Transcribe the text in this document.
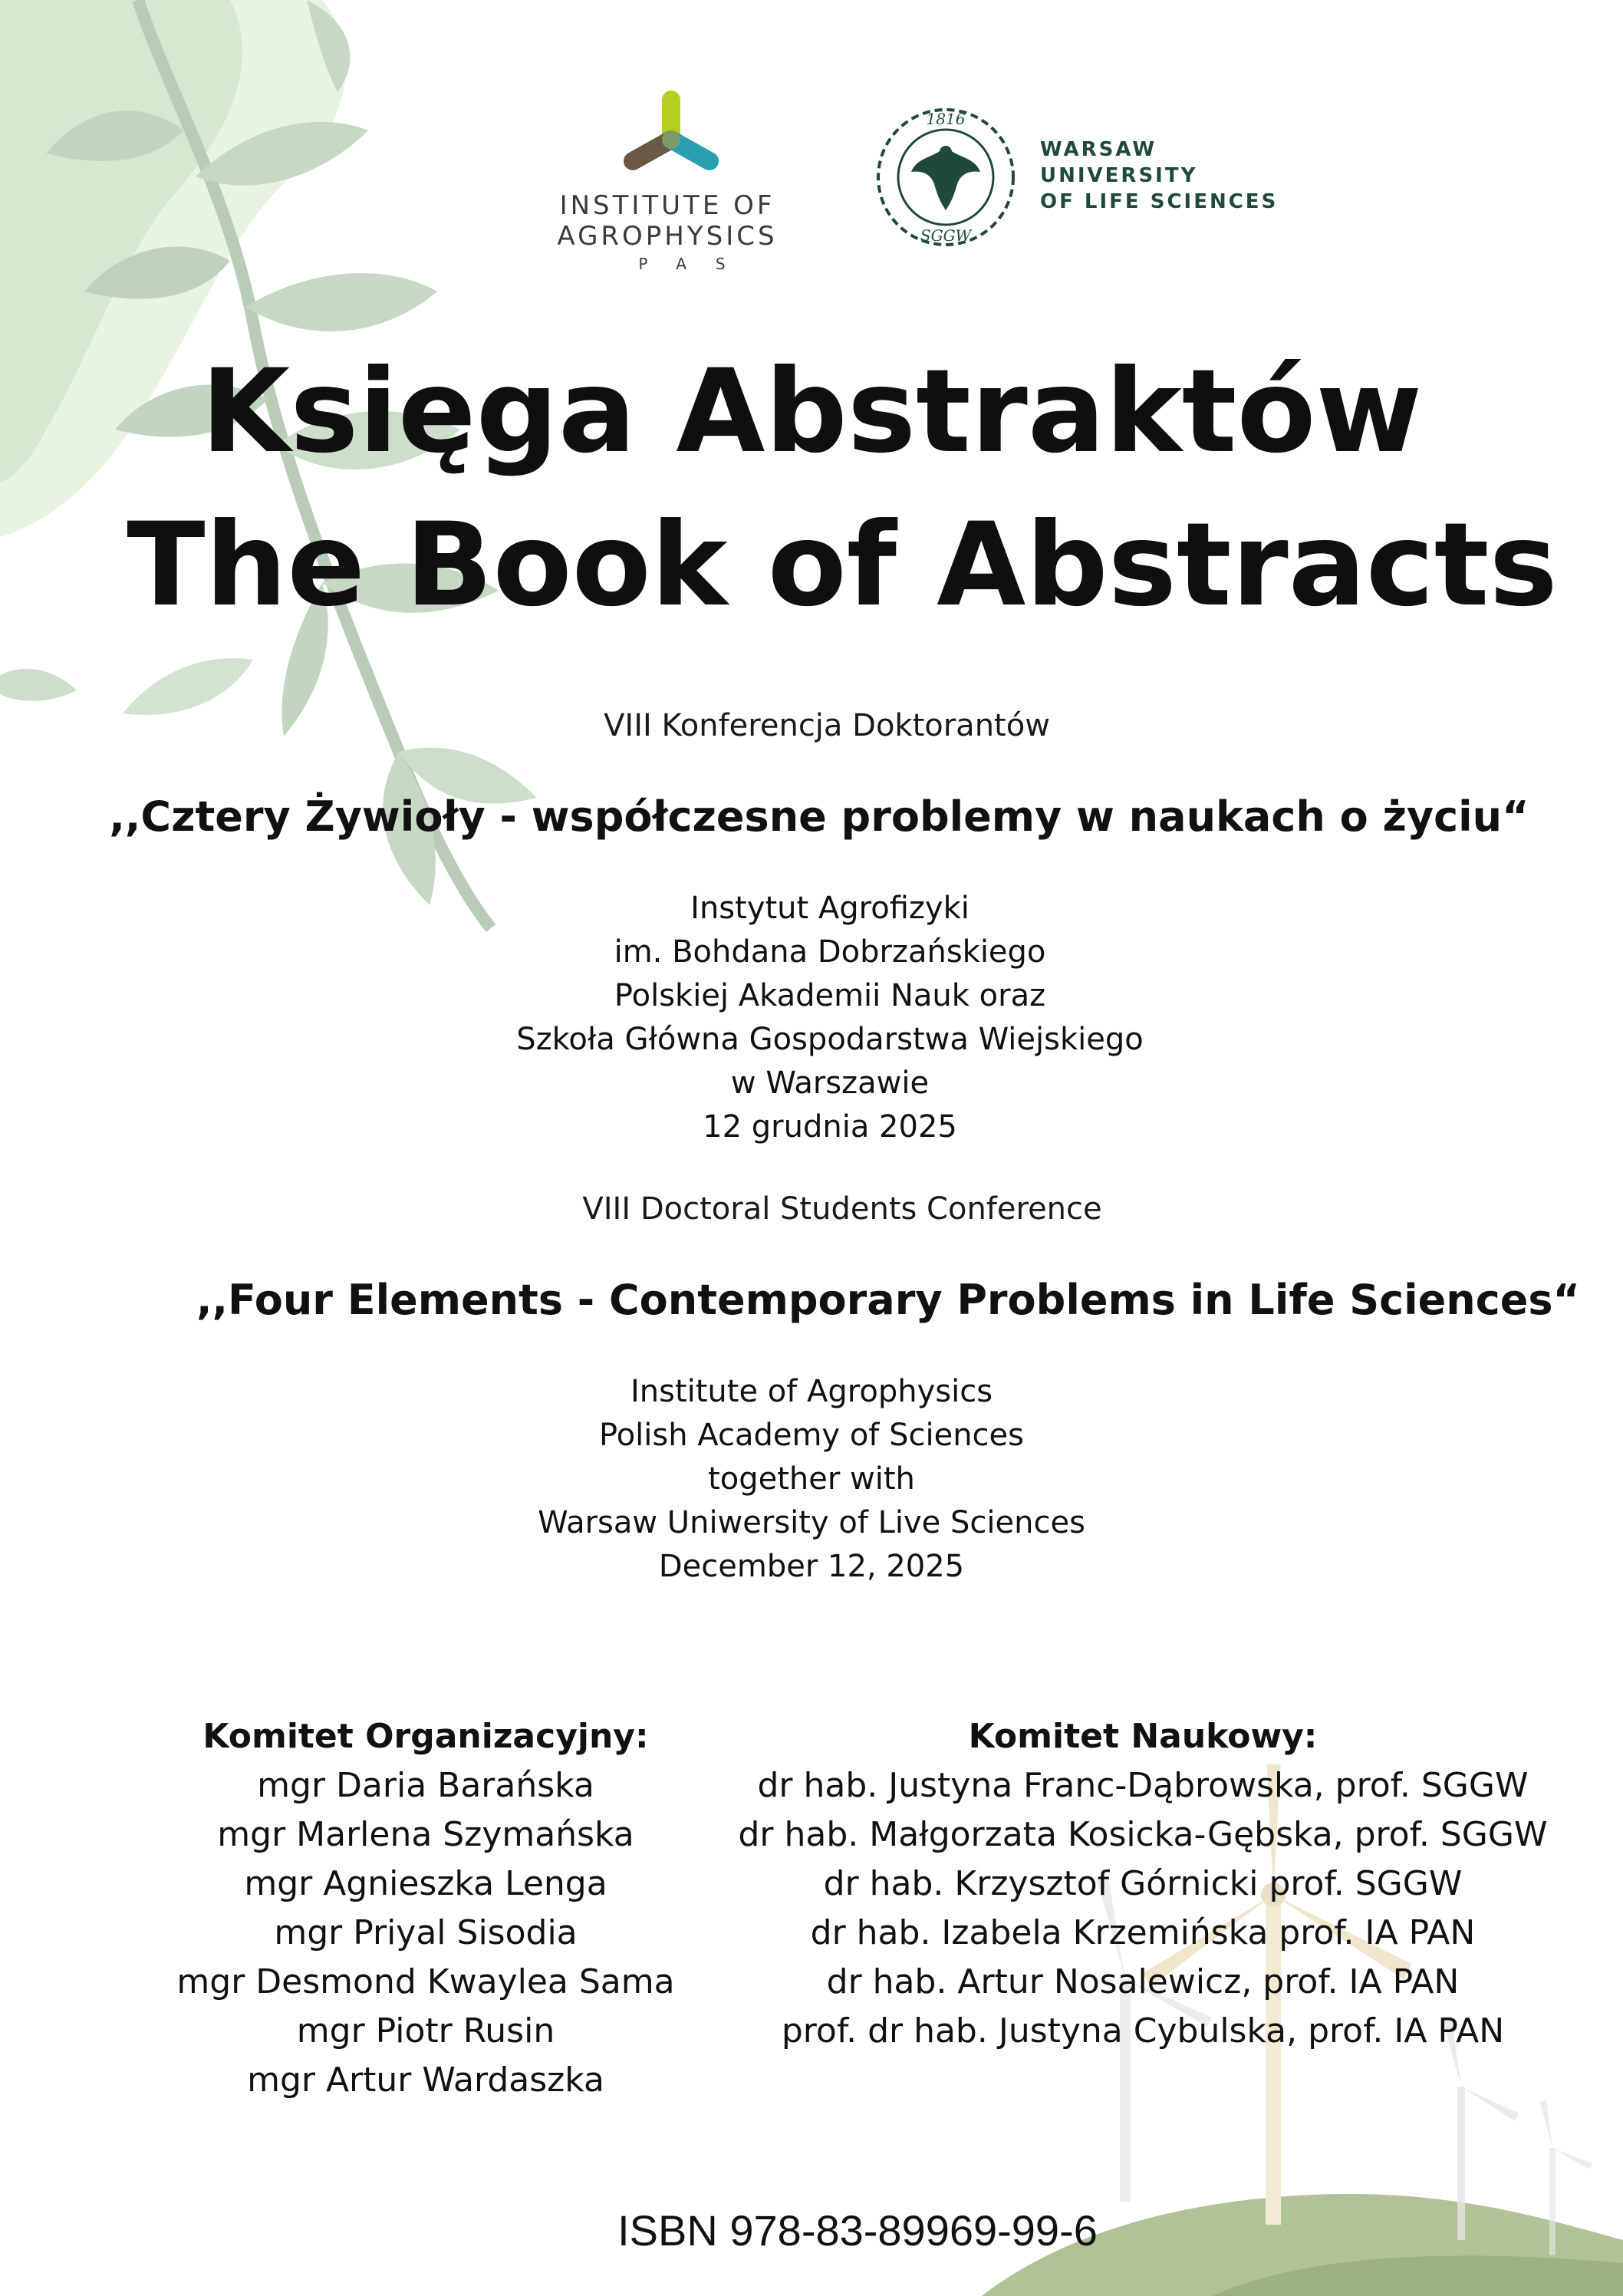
INSTITUTE OF
AGROPHYSICS
PAS
1816
SGGW
WARSAW
UNIVERSITY
OF LIFE SCIENCES
Księga Abstraktów
The Book of Abstracts
VIII Konferencja Doktorantów
,,Cztery Żywioły - współczesne problemy w naukach o życiu“
Instytut Agrofizyki
im. Bohdana Dobrzańskiego
Polskiej Akademii Nauk oraz
Szkoła Główna Gospodarstwa Wiejskiego
w Warszawie
12 grudnia 2025
VIII Doctoral Students Conference
,,Four Elements - Contemporary Problems in Life Sciences“
Institute of Agrophysics
Polish Academy of Sciences
together with
Warsaw Uniwersity of Live Sciences
December 12, 2025
Komitet Organizacyjny:
mgr Daria Barańska
mgr Marlena Szymańska
mgr Agnieszka Lenga
mgr Priyal Sisodia
mgr Desmond Kwaylea Sama
mgr Piotr Rusin
mgr Artur Wardaszka
Komitet Naukowy:
dr hab. Justyna Franc-Dąbrowska, prof. SGGW
dr hab. Małgorzata Kosicka-Gębska, prof. SGGW
dr hab. Krzysztof Górnicki prof. SGGW
dr hab. Izabela Krzemińska prof. IA PAN
dr hab. Artur Nosalewicz, prof. IA PAN
prof. dr hab. Justyna Cybulska, prof. IA PAN
ISBN 978-83-89969-99-6
